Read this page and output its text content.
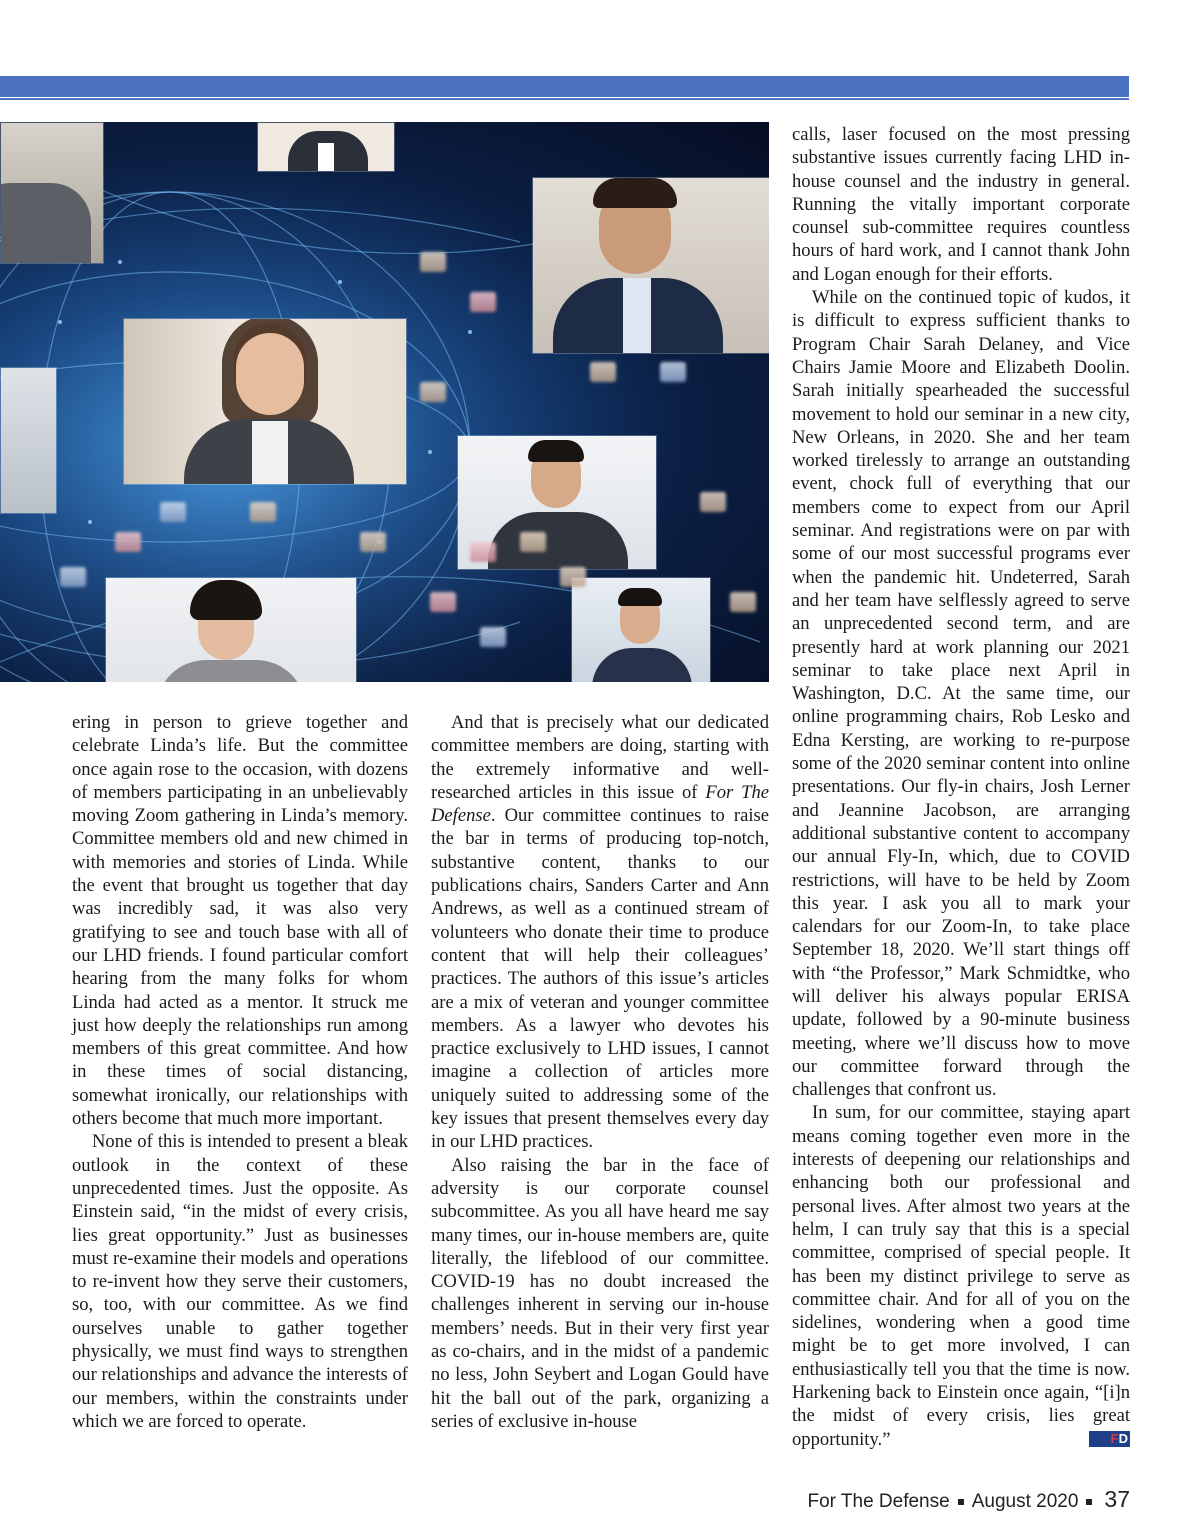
ering in person to grieve together and celebrate Linda’s life. But the committee once again rose to the occasion, with dozens of members participating in an unbelievably moving Zoom gathering in Linda’s memory. Committee members old and new chimed in with memories and stories of Linda. While the event that brought us together that day was incredibly sad, it was also very gratifying to see and touch base with all of our LHD friends. I found particular comfort hearing from the many folks for whom Linda had acted as a mentor. It struck me just how deeply the relationships run among members of this great committee. And how in these times of social distancing, somewhat ironically, our relationships with others become that much more important.

None of this is intended to present a bleak outlook in the context of these unprecedented times. Just the opposite. As Einstein said, “in the midst of every crisis, lies great opportunity.” Just as businesses must re-examine their models and operations to re-invent how they serve their customers, so, too, with our committee. As we find ourselves unable to gather together physically, we must find ways to strengthen our relationships and advance the interests of our members, within the constraints under which we are forced to operate.

And that is precisely what our dedicated committee members are doing, starting with the extremely informative and well-researched articles in this issue of For The Defense. Our committee continues to raise the bar in terms of producing top-notch, substantive content, thanks to our publications chairs, Sanders Carter and Ann Andrews, as well as a continued stream of volunteers who donate their time to produce content that will help their colleagues’ practices. The authors of this issue’s articles are a mix of veteran and younger committee members. As a lawyer who devotes his practice exclusively to LHD issues, I cannot imagine a collection of articles more uniquely suited to addressing some of the key issues that present themselves every day in our LHD practices.

Also raising the bar in the face of adversity is our corporate counsel subcommittee. As you all have heard me say many times, our in-house members are, quite literally, the lifeblood of our committee. COVID-19 has no doubt increased the challenges inherent in serving our in-house members’ needs. But in their very first year as co-chairs, and in the midst of a pandemic no less, John Seybert and Logan Gould have hit the ball out of the park, organizing a series of exclusive in-house

calls, laser focused on the most pressing substantive issues currently facing LHD in-house counsel and the industry in general. Running the vitally important corporate counsel sub-committee requires countless hours of hard work, and I cannot thank John and Logan enough for their efforts.

While on the continued topic of kudos, it is difficult to express sufficient thanks to Program Chair Sarah Delaney, and Vice Chairs Jamie Moore and Elizabeth Doolin. Sarah initially spearheaded the successful movement to hold our seminar in a new city, New Orleans, in 2020. She and her team worked tirelessly to arrange an outstanding event, chock full of everything that our members come to expect from our April seminar. And registrations were on par with some of our most successful programs ever when the pandemic hit. Undeterred, Sarah and her team have selflessly agreed to serve an unprecedented second term, and are presently hard at work planning our 2021 seminar to take place next April in Washington, D.C. At the same time, our online programming chairs, Rob Lesko and Edna Kersting, are working to re-purpose some of the 2020 seminar content into online presentations. Our fly-in chairs, Josh Lerner and Jeannine Jacobson, are arranging additional substantive content to accompany our annual Fly-In, which, due to COVID restrictions, will have to be held by Zoom this year. I ask you all to mark your calendars for our Zoom-In, to take place September 18, 2020. We’ll start things off with “the Professor,” Mark Schmidtke, who will deliver his always popular ERISA update, followed by a 90-minute business meeting, where we’ll discuss how to move our committee forward through the challenges that confront us.

In sum, for our committee, staying apart means coming together even more in the interests of deepening our relationships and enhancing both our professional and personal lives. After almost two years at the helm, I can truly say that this is a special committee, comprised of special people. It has been my distinct privilege to serve as committee chair. And for all of you on the sidelines, wondering when a good time might be to get more involved, I can enthusiastically tell you that the time is now. Harkening back to Einstein once again, “[i]n the midst of every crisis, lies great opportunity.”	FD

For The Defense August 2020 37
